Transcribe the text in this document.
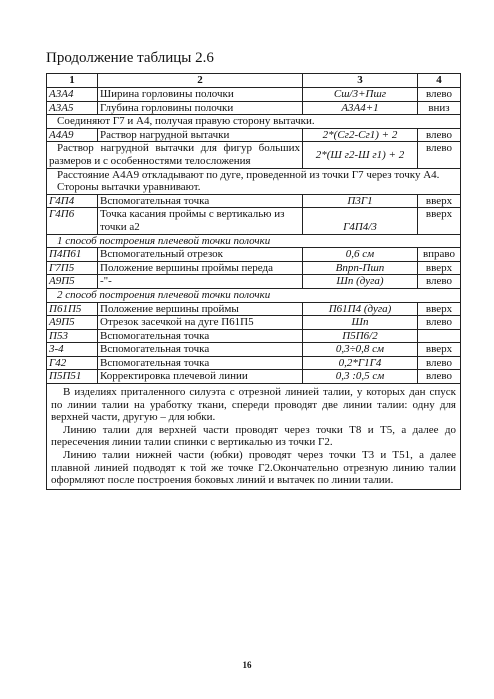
Продолжение таблицы 2.6
1	2	3	4
А3А4	Ширина горловины полочки	Сш/3+Пшг	влево
А3А5	Глубина горловины полочки	А3А4+1	вниз
Соединяют Г7 и А4, получая правую сторону вытачки.			
А4А9	Раствор нагрудной вытачки	2*(Сг2-Сг1) + 2	влево
Раствор нагрудной вытачки для фигур больших размеров и с особенностями телосложения		2*(Ш г2-Ш г1) + 2	влево
Расстояние А4А9 откладывают по дуге, проведенной из точки Г7 через точку А4. Стороны вытачки уравнивают.			
Г4П4	Вспомогательная точка	П3Г1	вверх
Г4П6	Точка касания проймы с вертикалью из точки а2	Г4П4/3	вверх
1 способ построения плечевой точки полочки			
П4П61	Вспомогательный отрезок	0,6 см	вправо
Г7П5	Положение вершины проймы переда	Впрп-Пшп	вверх
А9П5	-"-	Шп (дуга)	влево
2 способ построения плечевой точки полочки			
П61П5	Положение вершины проймы	П61П4 (дуга)	вверх
А9П5	Отрезок засечкой на дуге П61П5	Шп	влево
П53	Вспомогательная точка	П5П6/2	
3-4	Вспомогательная точка	0,3÷0,8 см	вверх
Г42	Вспомогательная точка	0,2*Г1Г4	влево
П5П51	Корректировка плечевой линии	0,3 :0,5 см	влево

В изделиях приталенного силуэта с отрезной линией талии, у которых дан спуск по линии талии на уработку ткани, спереди проводят две линии талии: одну для верхней части, другую – для юбки.
Линию талии для верхней части проводят через точки Т8 и Т5, а далее до пересечения линии талии спинки с вертикалью из точки Г2.
Линию талии нижней части (юбки) проводят через точки Т3 и Т51, а далее плавной линией подводят к той же точке Г2.Окончательно отрезную линию талии оформляют после построения боковых линий и вытачек по линии талии.			
16
